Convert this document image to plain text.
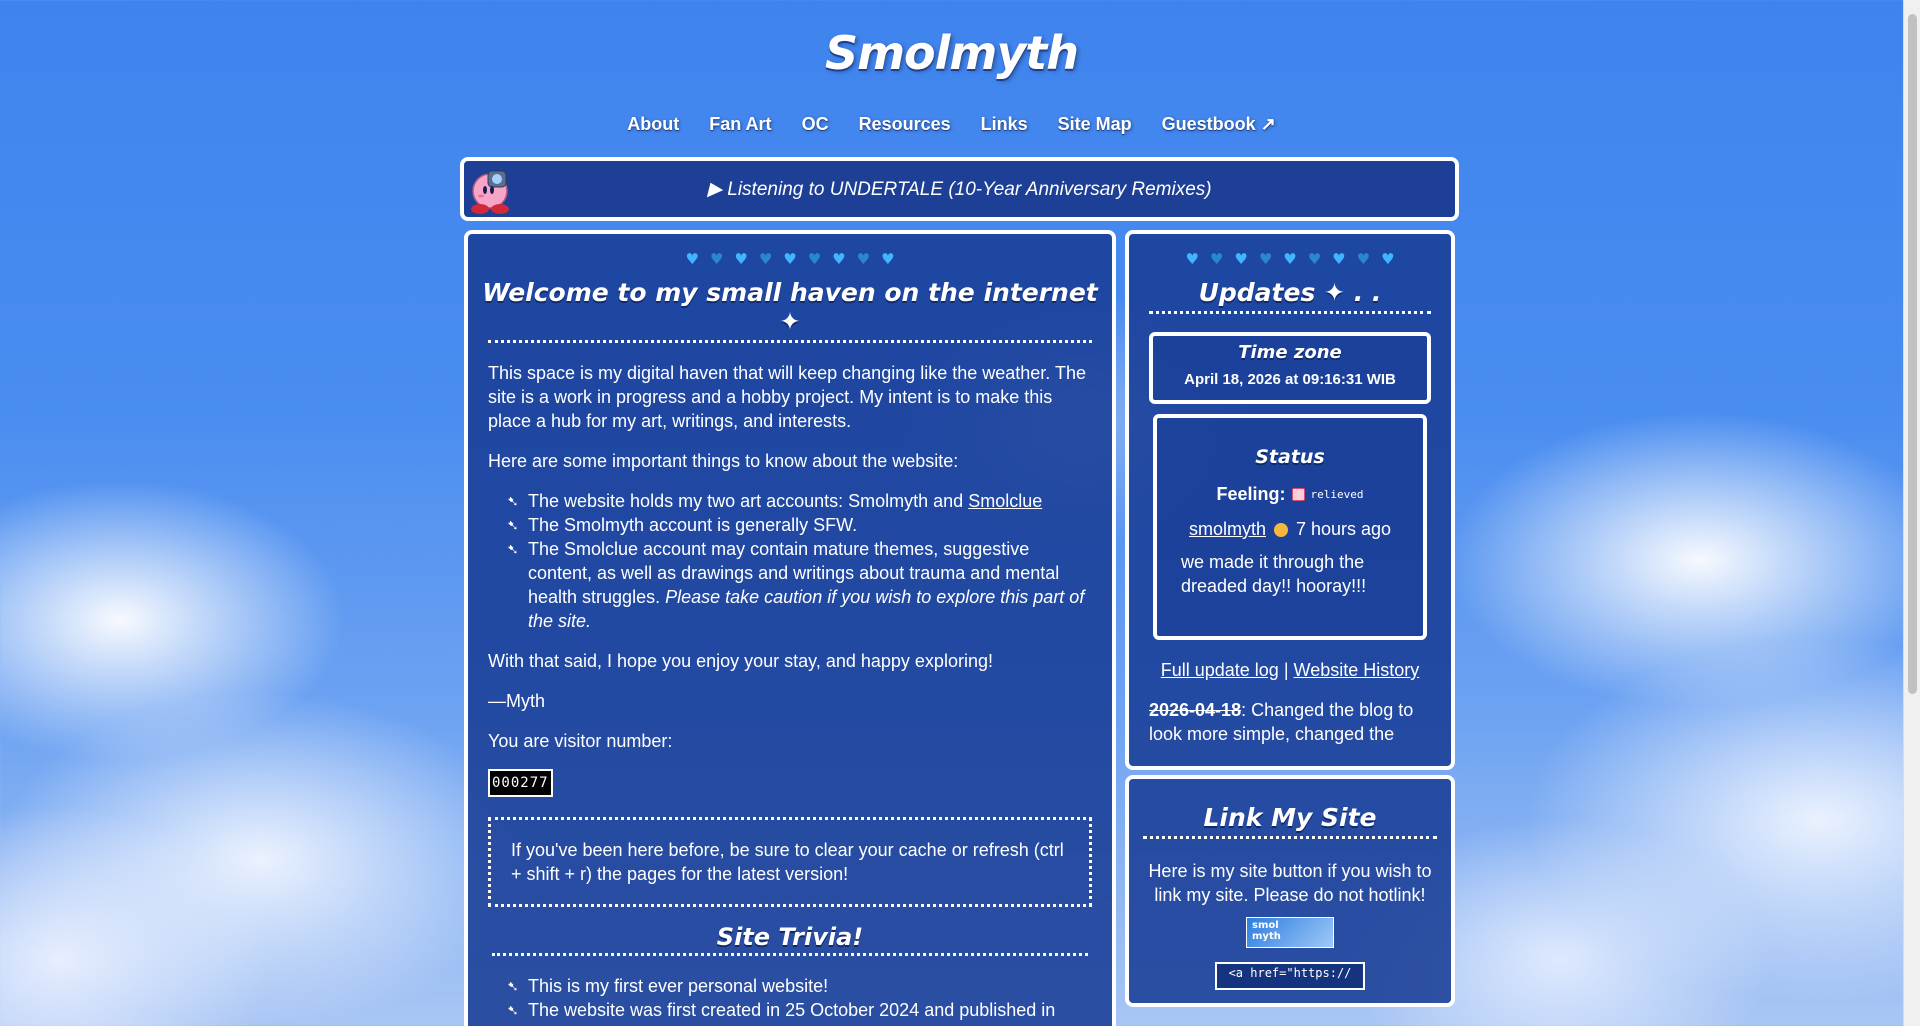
Smolmyth
About Fan Art OC Resources Links Site Map Guestbook ↗
▶ Listening to UNDERTALE (10-Year Anniversary Remixes)
♥ ♥ ♥ ♥ ♥ ♥ ♥ ♥ ♥
Welcome to my small haven on the internet ✦

This space is my digital haven that will keep changing like the weather. The site is a work in progress and a hobby project. My intent is to make this place a hub for my art, writings, and interests.

Here are some important things to know about the website:

➷ The website holds my two art accounts: Smolmyth and Smolclue
➷ The Smolmyth account is generally SFW.
➷ The Smolclue account may contain mature themes, suggestive content, as well as drawings and writings about trauma and mental health struggles. Please take caution if you wish to explore this part of the site.

With that said, I hope you enjoy your stay, and happy exploring!

—Myth

You are visitor number:

000277

If you've been here before, be sure to clear your cache or refresh (ctrl + shift + r) the pages for the latest version!

Site Trivia!
➷ This is my first ever personal website!
➷ The website was first created in 25 October 2024 and published in
♥ ♥ ♥ ♥ ♥ ♥ ♥ ♥ ♥
Updates ✦ . .
Time zone
April 18, 2026 at 09:16:31 WIB
Status
Feeling: relieved
smolmyth 7 hours ago
we made it through the dreaded day!! hooray!!!
Full update log | Website History
2026-04-18: Changed the blog to look more simple, changed the
Link My Site

Here is my site button if you wish to link my site. Please do not hotlink!

smol
myth
<a href="https://
